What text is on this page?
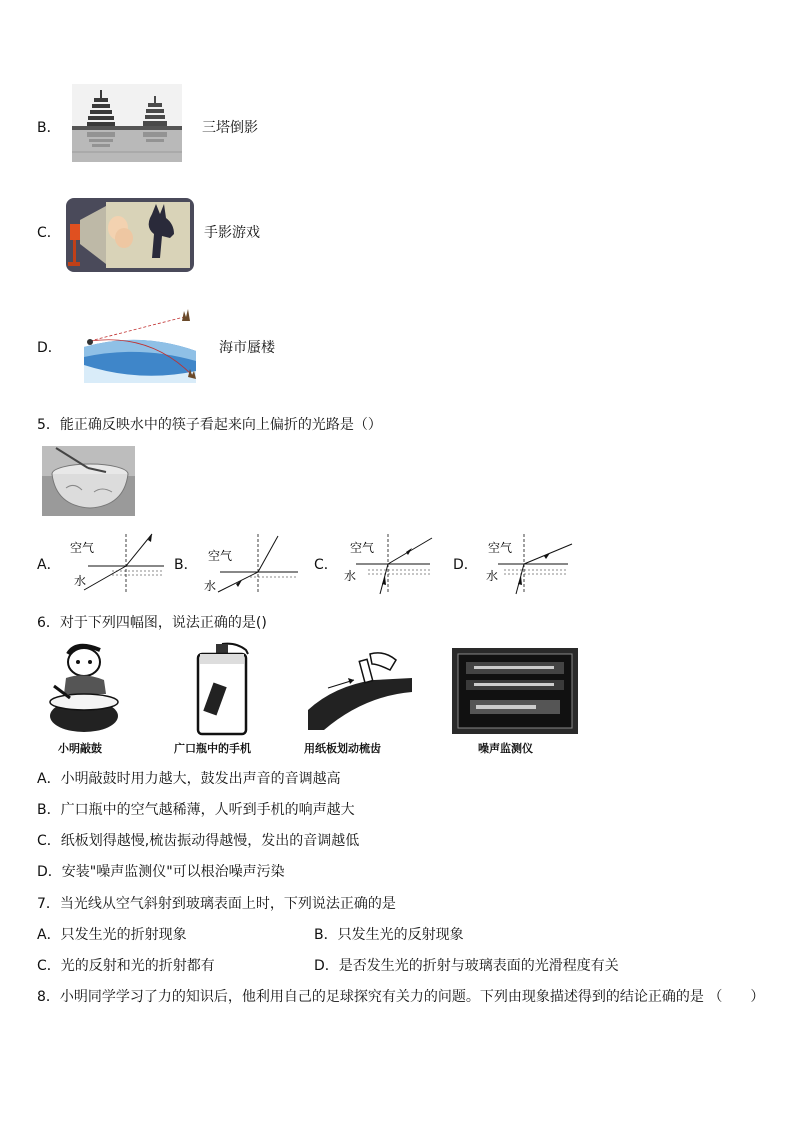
B．	三塔倒影
C．	手影游戏
D．	海市蜃楼
5．能正确反映水中的筷子看起来向上偏折的光路是（）
A．
空气
水
B．
空气
水
C．
空气
水
D．
空气
水
6．对于下列四幅图，说法正确的是()
小明敲鼓	广口瓶中的手机	用纸板划动梳齿	噪声监测仪
A．小明敲鼓时用力越大，鼓发出声音的音调越高
B．广口瓶中的空气越稀薄，人听到手机的响声越大
C．纸板划得越慢,梳齿振动得越慢，发出的音调越低
D．安装"噪声监测仪"可以根治噪声污染
7．当光线从空气斜射到玻璃表面上时，下列说法正确的是
A．只发生光的折射现象	B．只发生光的反射现象
C．光的反射和光的折射都有	D．是否发生光的折射与玻璃表面的光滑程度有关
8．小明同学学习了力的知识后，他利用自己的足球探究有关力的问题。下列由现象描述得到的结论正确的是 （　　）
